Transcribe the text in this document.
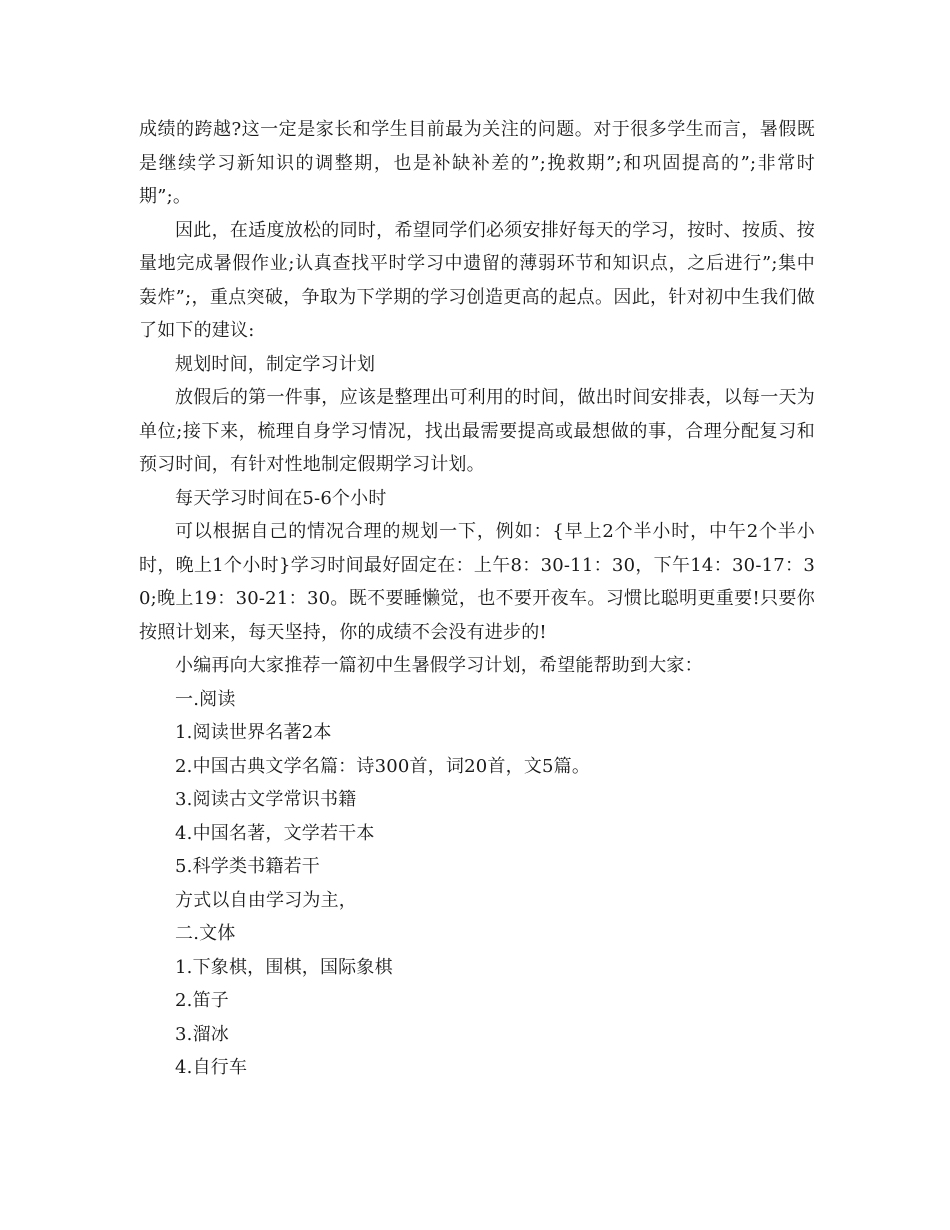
成绩的跨越?这一定是家长和学生目前最为关注的问题。对于很多学生而言，暑假既是继续学习新知识的调整期，也是补缺补差的”;挽救期”;和巩固提高的”;非常时期”;。

因此，在适度放松的同时，希望同学们必须安排好每天的学习，按时、按质、按量地完成暑假作业;认真查找平时学习中遗留的薄弱环节和知识点，之后进行”;集中轰炸”;，重点突破，争取为下学期的学习创造更高的起点。因此，针对初中生我们做了如下的建议:

规划时间，制定学习计划

放假后的第一件事，应该是整理出可利用的时间，做出时间安排表，以每一天为单位;接下来，梳理自身学习情况，找出最需要提高或最想做的事，合理分配复习和预习时间，有针对性地制定假期学习计划。

每天学习时间在5-6个小时

可以根据自己的情况合理的规划一下，例如：{早上2个半小时，中午2个半小时，晚上1个小时}学习时间最好固定在：上午8：30-11：30，下午14：30-17：30;晚上19：30-21：30。既不要睡懒觉，也不要开夜车。习惯比聪明更重要!只要你按照计划来，每天坚持，你的成绩不会没有进步的!

小编再向大家推荐一篇初中生暑假学习计划，希望能帮助到大家：

一.阅读

1.阅读世界名著2本

2.中国古典文学名篇：诗300首，词20首，文5篇。

3.阅读古文学常识书籍

4.中国名著，文学若干本

5.科学类书籍若干

方式以自由学习为主，

二.文体

1.下象棋，围棋，国际象棋

2.笛子

3.溜冰

4.自行车
